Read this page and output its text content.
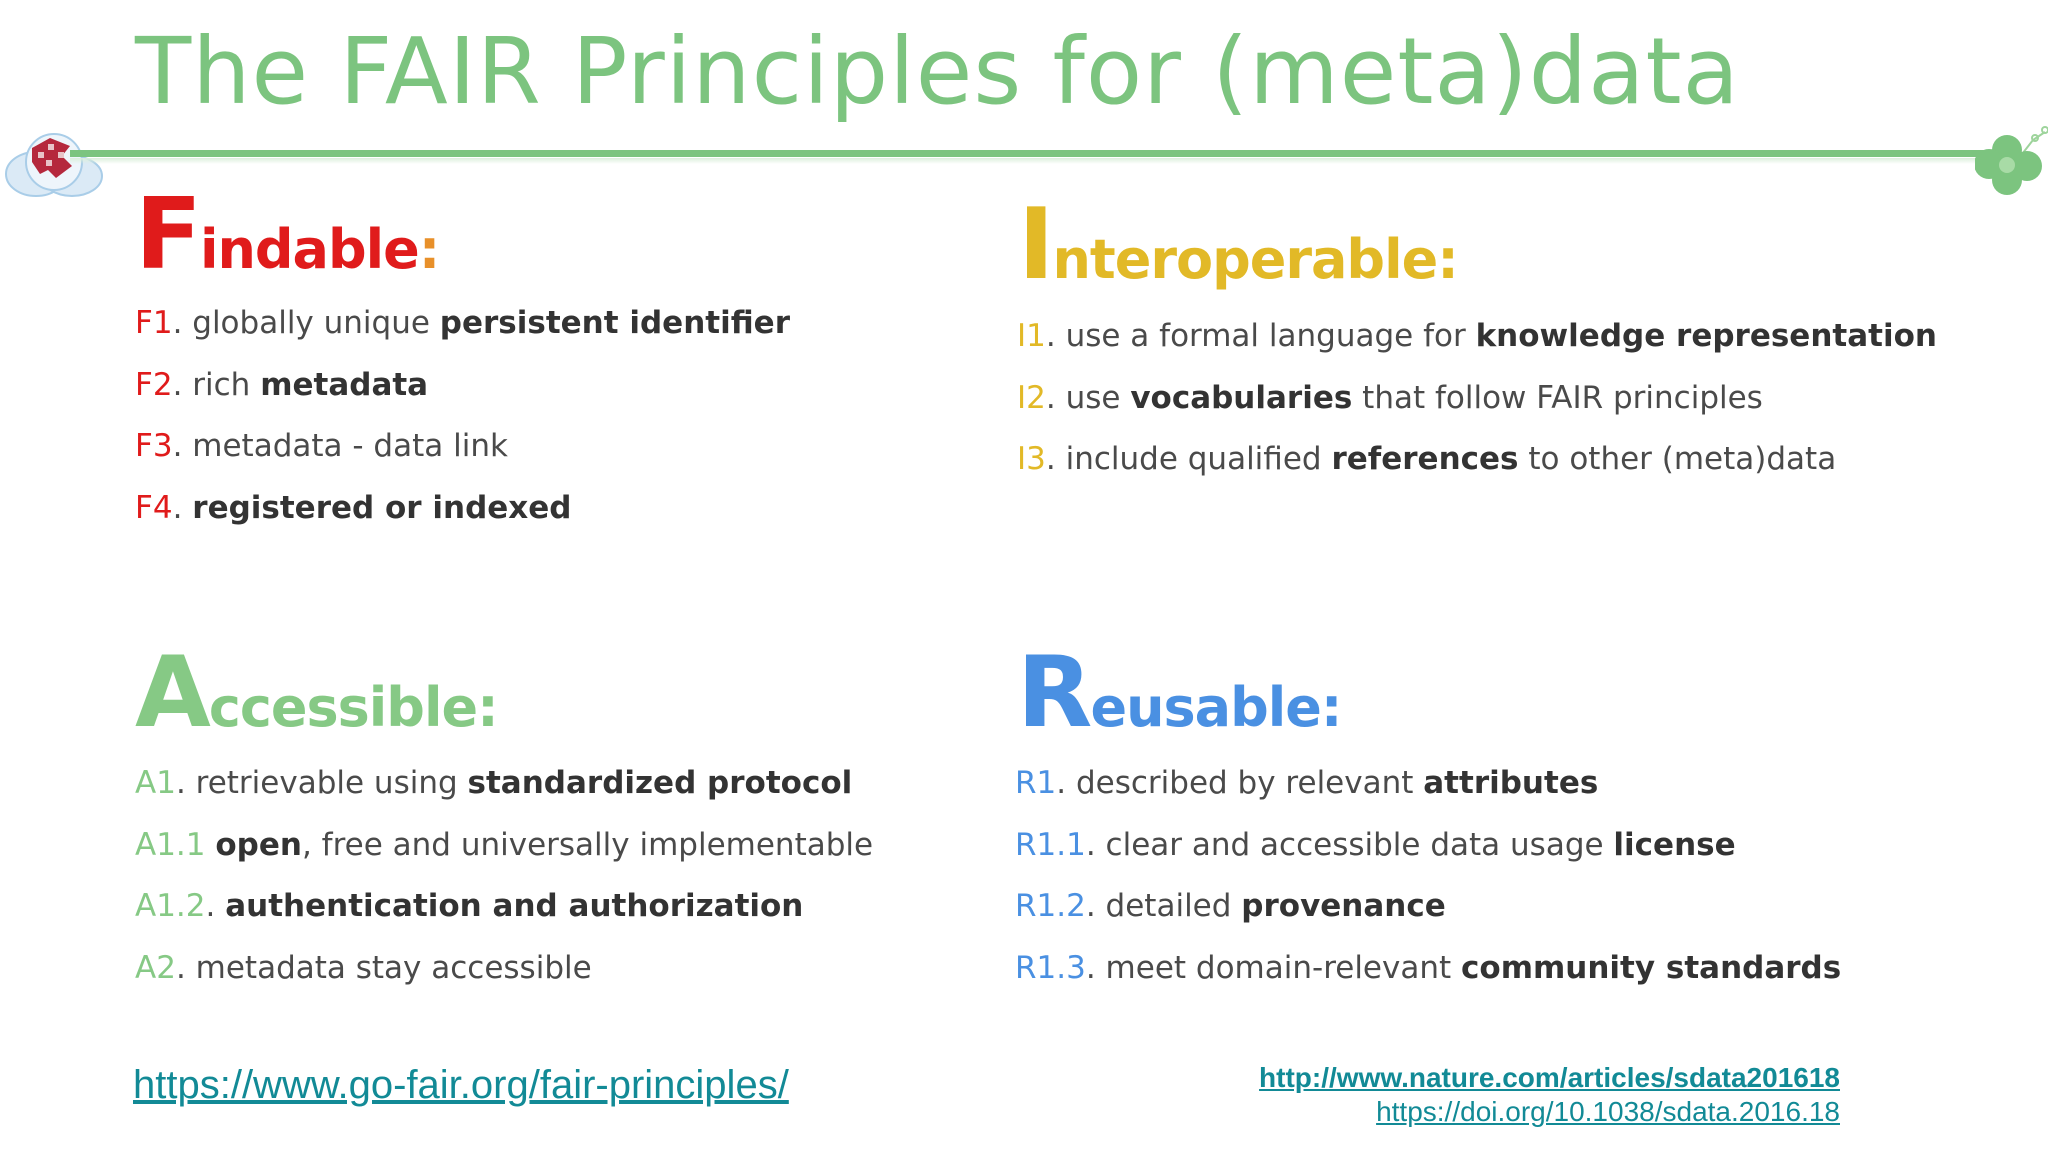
The FAIR Principles for (meta)data
Findable:
F1. globally unique persistent identifier
F2. rich metadata
F3. metadata - data link
F4. registered or indexed
Interoperable:
I1. use a formal language for knowledge representation
I2. use vocabularies that follow FAIR principles
I3. include qualified references to other (meta)data
Accessible:
A1. retrievable using standardized protocol
A1.1 open, free and universally implementable
A1.2. authentication and authorization
A2. metadata stay accessible
Reusable:
R1. described by relevant attributes
R1.1. clear and accessible data usage license
R1.2. detailed provenance
R1.3. meet domain-relevant community standards
https://www.go-fair.org/fair-principles/	http://www.nature.com/articles/sdata201618
https://doi.org/10.1038/sdata.2016.18
